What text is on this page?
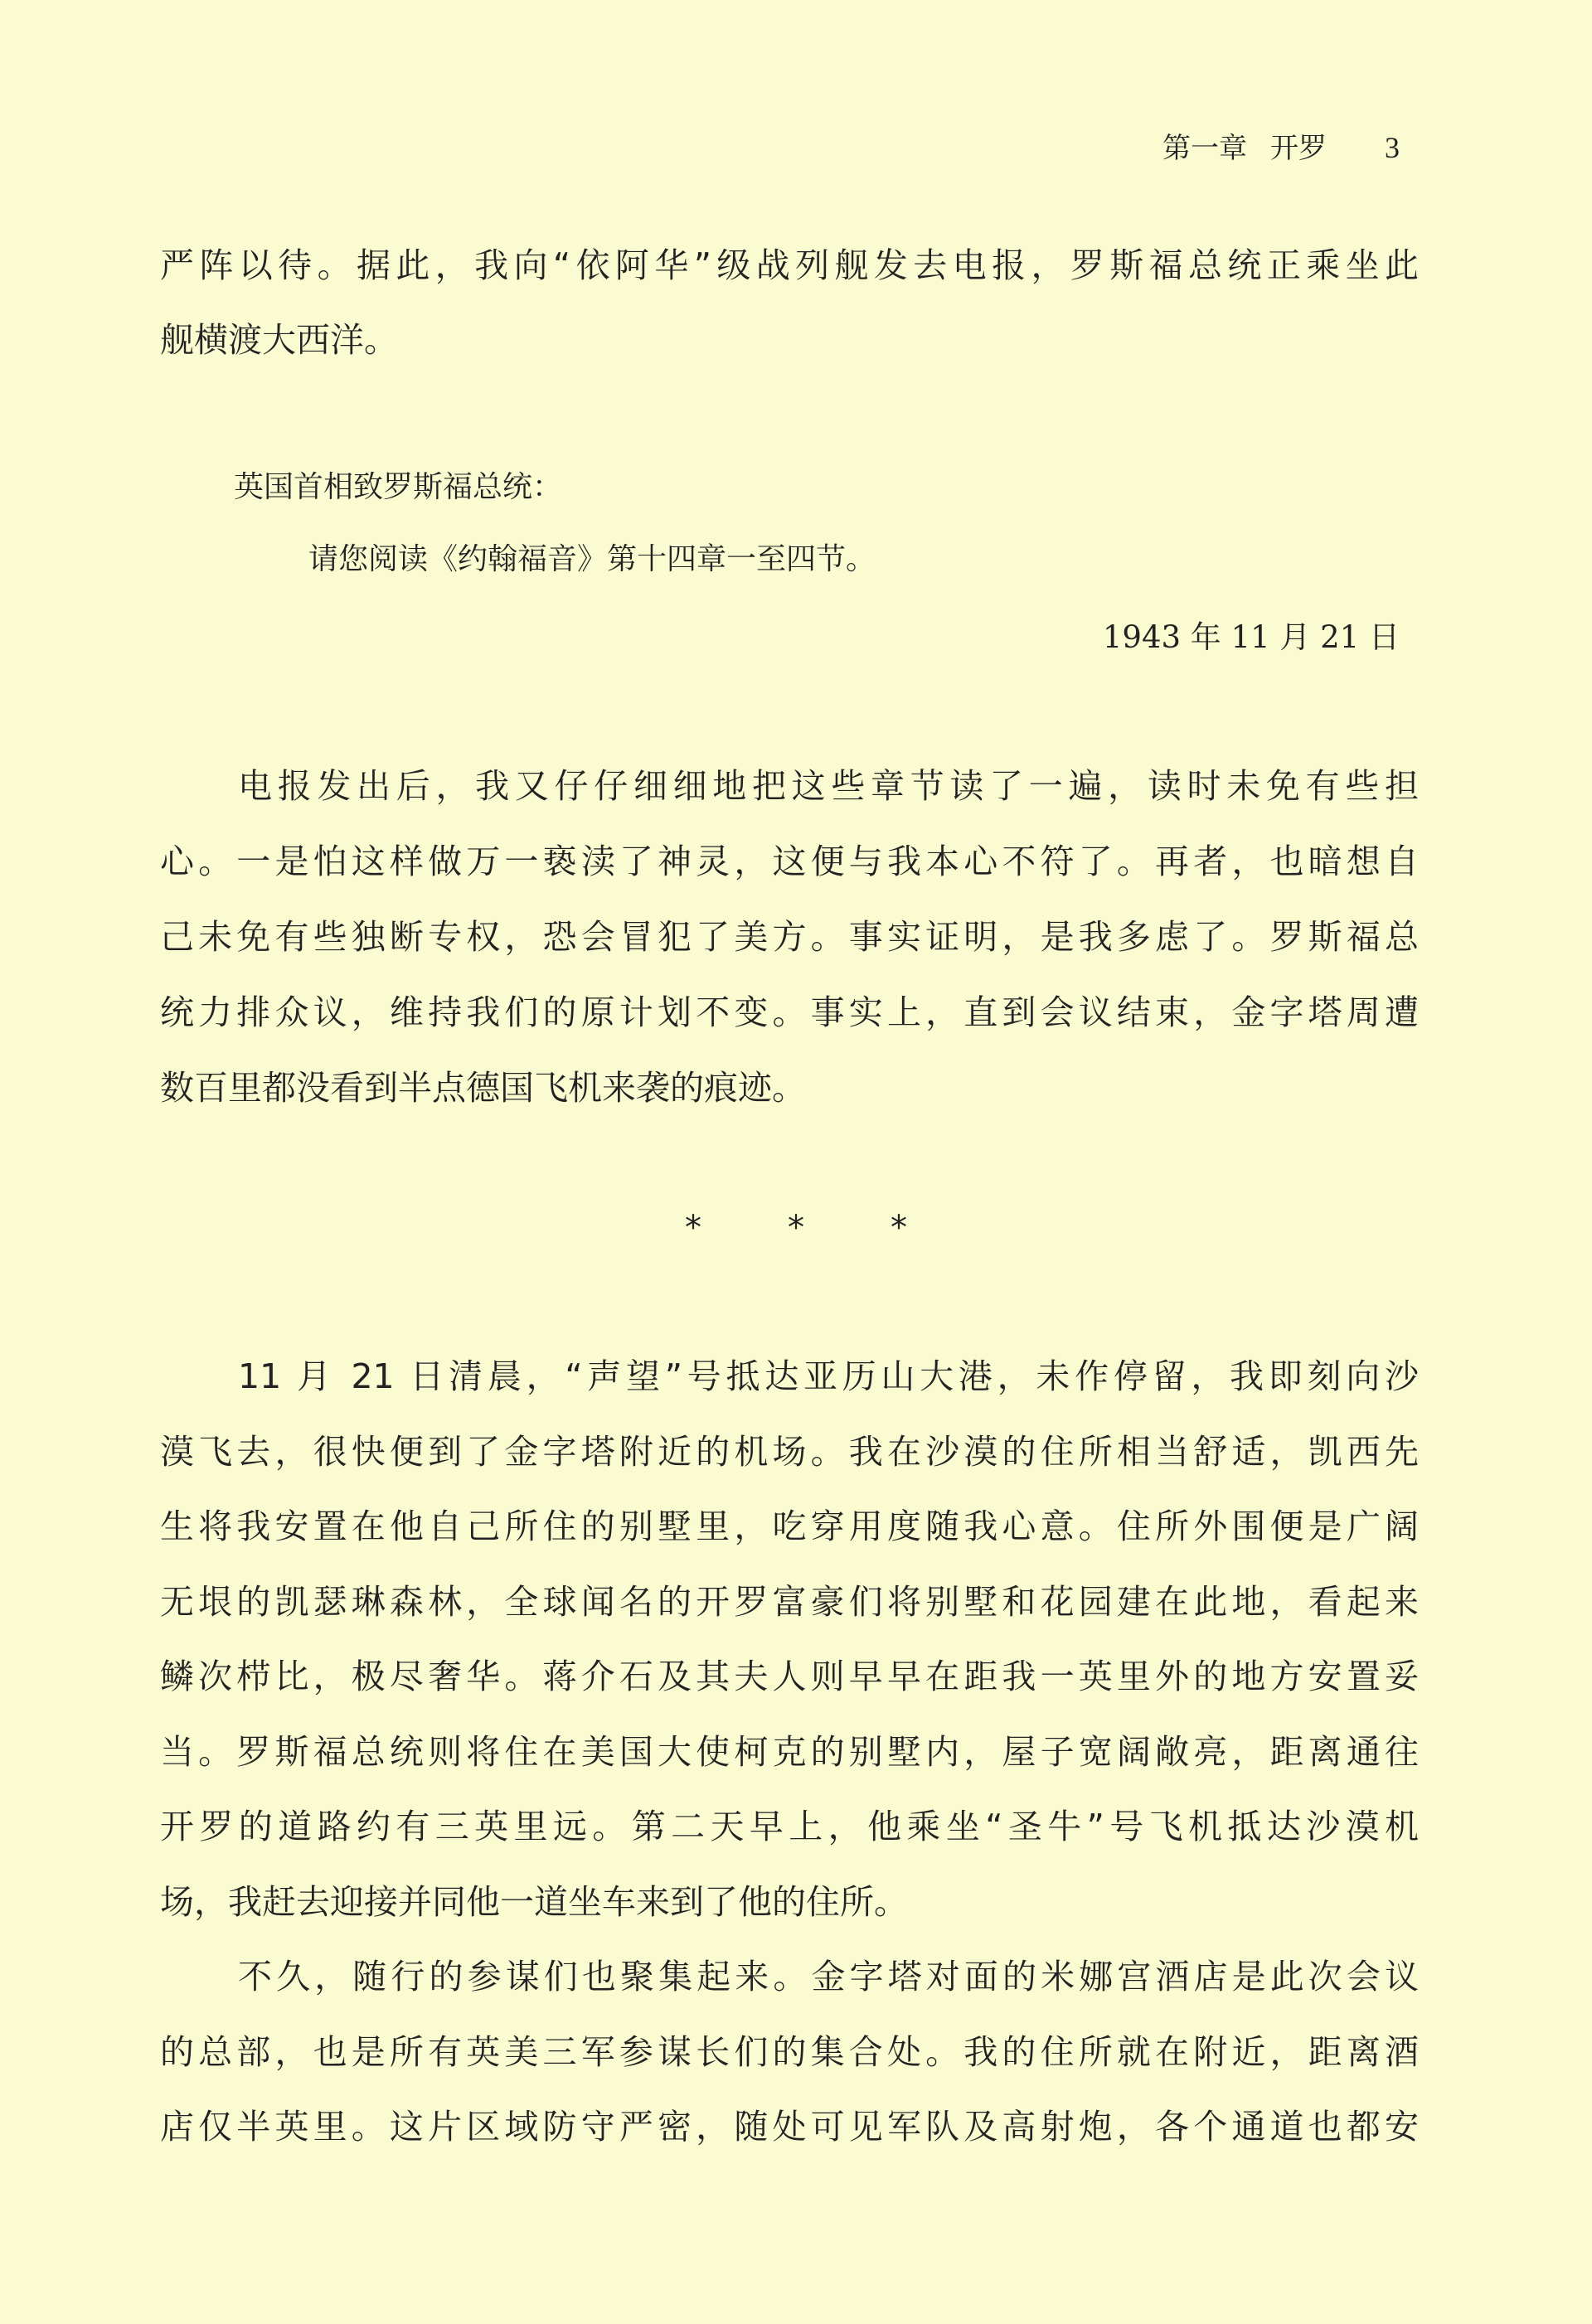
第一章 开罗 3
严阵以待。据此，我向“依阿华”级战列舰发去电报，罗斯福总统正乘坐此
舰横渡大西洋。
英国首相致罗斯福总统：
请您阅读《约翰福音》第十四章一至四节。
1943 年 11 月 21 日
电报发出后，我又仔仔细细地把这些章节读了一遍，读时未免有些担
心。一是怕这样做万一亵渎了神灵，这便与我本心不符了。再者，也暗想自
己未免有些独断专权，恐会冒犯了美方。事实证明，是我多虑了。罗斯福总
统力排众议，维持我们的原计划不变。事实上，直到会议结束，金字塔周遭
数百里都没看到半点德国飞机来袭的痕迹。
*	*	*
11 月 21 日清晨，“声望”号抵达亚历山大港，未作停留，我即刻向沙
漠飞去，很快便到了金字塔附近的机场。我在沙漠的住所相当舒适，凯西先
生将我安置在他自己所住的别墅里，吃穿用度随我心意。住所外围便是广阔
无垠的凯瑟琳森林，全球闻名的开罗富豪们将别墅和花园建在此地，看起来
鳞次栉比，极尽奢华。蒋介石及其夫人则早早在距我一英里外的地方安置妥
当。罗斯福总统则将住在美国大使柯克的别墅内，屋子宽阔敞亮，距离通往
开罗的道路约有三英里远。第二天早上，他乘坐“圣牛”号飞机抵达沙漠机
场，我赶去迎接并同他一道坐车来到了他的住所。
不久，随行的参谋们也聚集起来。金字塔对面的米娜宫酒店是此次会议
的总部，也是所有英美三军参谋长们的集合处。我的住所就在附近，距离酒
店仅半英里。这片区域防守严密，随处可见军队及高射炮，各个通道也都安
